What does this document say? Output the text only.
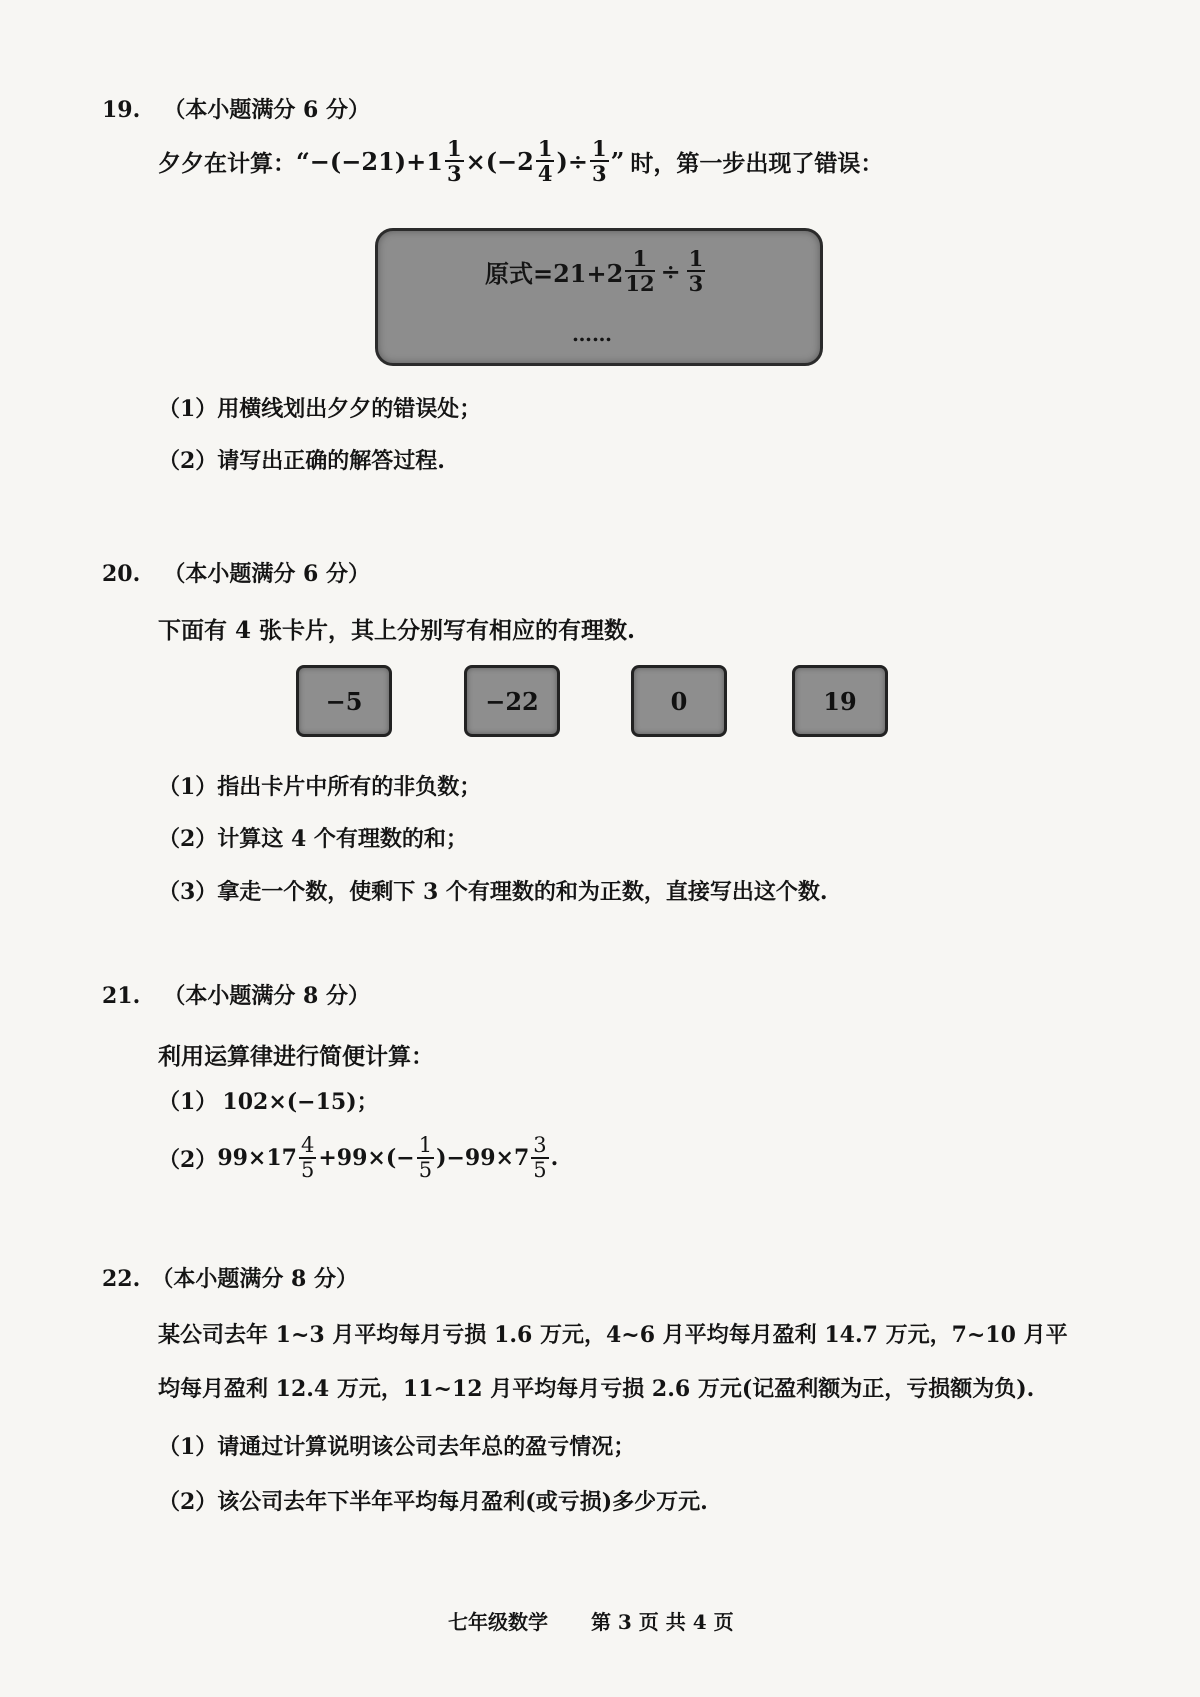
19. （本小题满分 6 分）
夕夕在计算： “$-(-21)+1 \frac{1}{3} \times(-2 \frac{1}{4}$ )÷ $\frac{1}{3}$ ” 时，第一步出现了错误：
原式$=21+2 \frac{1}{12} \div \frac{1}{3}$
……
（1）用横线划出夕夕的错误处；
（2）请写出正确的解答过程.
20. （本小题满分 6 分）
下面有 4 张卡片，其上分别写有相应的有理数.
−5	−22	0	19
（1）指出卡片中所有的非负数；
（2）计算这 4 个有理数的和；
（3）拿走一个数，使剩下 3 个有理数的和为正数，直接写出这个数.
21. （本小题满分 8 分）
利用运算律进行简便计算：
（1） 102×(−15)；
（2） $99\times 17 \frac{4}{5} +99\times(- \frac{1}{5} )-99\times 7 \frac{3}{5}$ .
22. （本小题满分 8 分）
某公司去年 1~3 月平均每月亏损 1.6 万元，4~6 月平均每月盈利 14.7 万元，7~10 月平
均每月盈利 12.4 万元，11~12 月平均每月亏损 2.6 万元(记盈利额为正，亏损额为负).
（1）请通过计算说明该公司去年总的盈亏情况；
（2）该公司去年下半年平均每月盈利(或亏损)多少万元.
七年级数学 第 3 页 共 4 页
